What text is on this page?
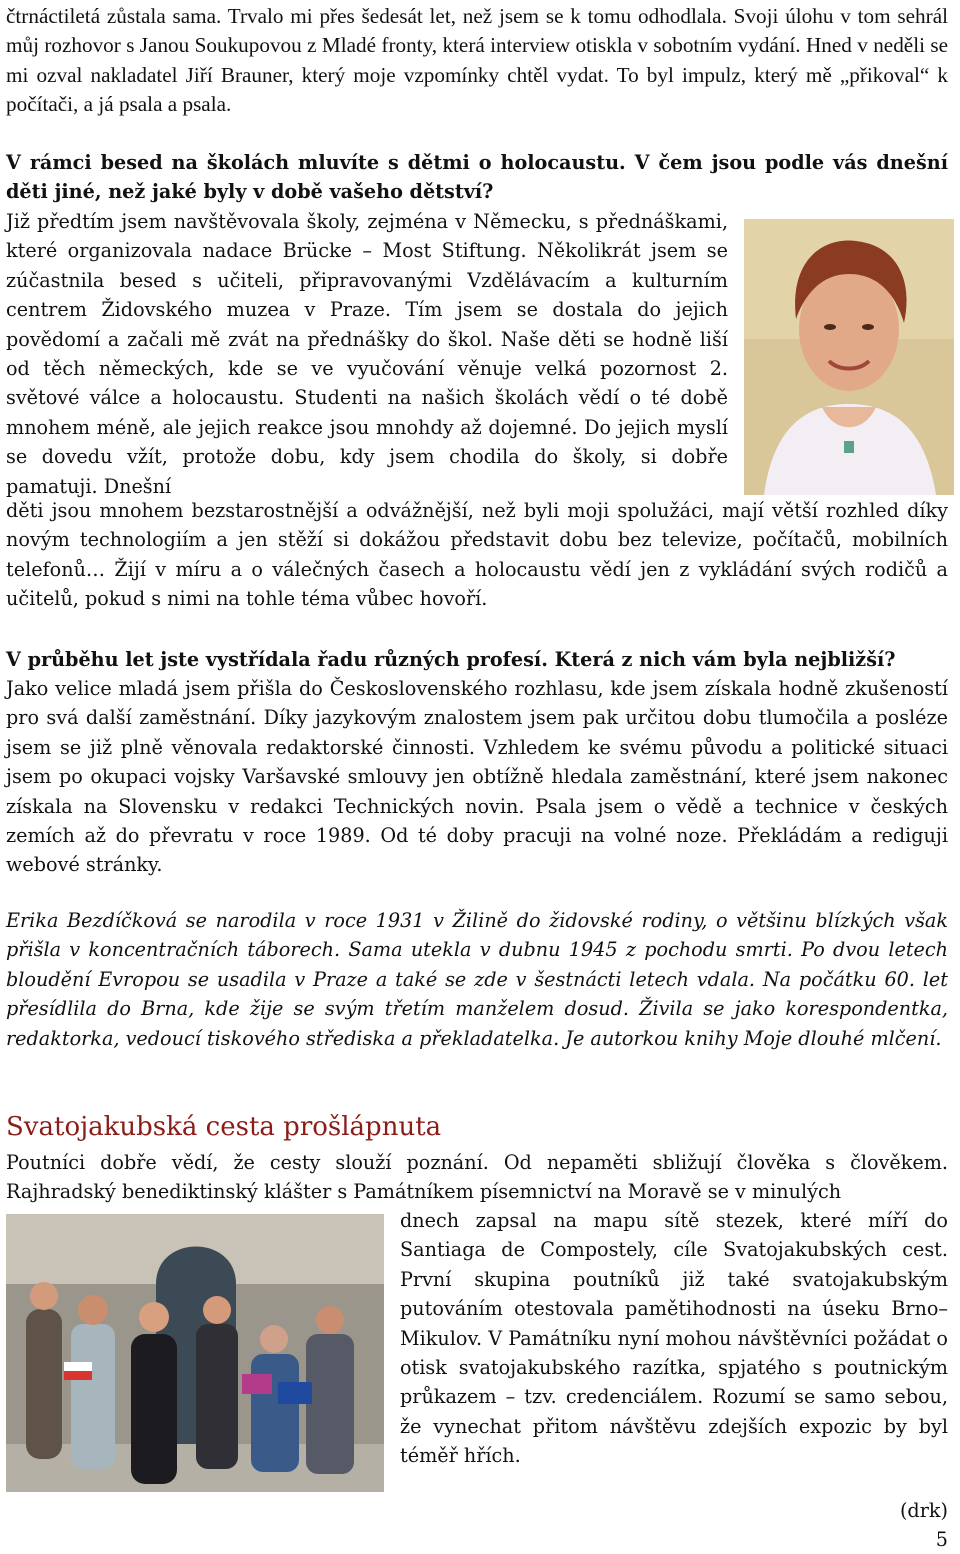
čtrnáctiletá zůstala sama. Trvalo mi přes šedesát let, než jsem se k tomu odhodlala. Svoji úlohu v tom sehrál můj rozhovor s Janou Soukupovou z Mladé fronty, která interview otiskla v sobotním vydání. Hned v neděli se mi ozval nakladatel Jiří Brauner, který moje vzpomínky chtěl vydat. To byl impulz, který mě „přikoval“ k počítači, a já psala a psala.

V rámci besed na školách mluvíte s dětmi o holocaustu. V čem jsou podle vás dnešní děti jiné, než jaké byly v době vašeho dětství?

Již předtím jsem navštěvovala školy, zejména v Německu, s přednáškami, které organizovala nadace Brücke – Most Stiftung. Několikrát jsem se zúčastnila besed s učiteli, připravovanými Vzdělávacím a kulturním centrem Židovského muzea v Praze. Tím jsem se dostala do jejich povědomí a začali mě zvát na přednášky do škol. Naše děti se hodně liší od těch německých, kde se ve vyučování věnuje velká pozornost 2. světové válce a holocaustu. Studenti na našich školách vědí o té době mnohem méně, ale jejich reakce jsou mnohdy až dojemné. Do jejich myslí se dovedu vžít, protože dobu, kdy jsem chodila do školy, si dobře pamatuji. Dnešní

děti jsou mnohem bezstarostnější a odvážnější, než byli moji spolužáci, mají větší rozhled díky novým technologiím a jen stěží si dokážou představit dobu bez televize, počítačů, mobilních telefonů… Žijí v míru a o válečných časech a holocaustu vědí jen z vykládání svých rodičů a učitelů, pokud s nimi na tohle téma vůbec hovoří.

V průběhu let jste vystřídala řadu různých profesí. Která z nich vám byla nejbližší?

Jako velice mladá jsem přišla do Československého rozhlasu, kde jsem získala hodně zkušeností pro svá další zaměstnání. Díky jazykovým znalostem jsem pak určitou dobu tlumočila a posléze jsem se již plně věnovala redaktorské činnosti. Vzhledem ke svému původu a politické situaci jsem po okupaci vojsky Varšavské smlouvy jen obtížně hledala zaměstnání, které jsem nakonec získala na Slovensku v redakci Technických novin. Psala jsem o vědě a technice v českých zemích až do převratu v roce 1989. Od té doby pracuji na volné noze. Překládám a rediguji webové stránky.

Erika Bezdíčková se narodila v roce 1931 v Žilině do židovské rodiny, o většinu blízkých však přišla v koncentračních táborech. Sama utekla v dubnu 1945 z pochodu smrti. Po dvou letech bloudění Evropou se usadila v Praze a také se zde v šestnácti letech vdala. Na počátku 60. let přesídlila do Brna, kde žije se svým třetím manželem dosud. Živila se jako korespondentka, redaktorka, vedoucí tiskového střediska a překladatelka. Je autorkou knihy Moje dlouhé mlčení.

Svatojakubská cesta prošlápnuta

Poutníci dobře vědí, že cesty slouží poznání. Od nepaměti sbližují člověka s člověkem. Rajhradský benediktinský klášter s Památníkem písemnictví na Moravě se v minulých

dnech zapsal na mapu sítě stezek, které míří do Santiaga de Compostely, cíle Svatojakubských cest. První skupina poutníků již také svatojakubským putováním otestovala pamětihodnosti na úseku Brno–Mikulov. V Památníku nyní mohou návštěvníci požádat o otisk svatojakubského razítka, spjatého s poutnickým průkazem – tzv. credenciálem. Rozumí se samo sebou, že vynechat přitom návštěvu zdejších expozic by byl téměř hřích.

(drk)
5
